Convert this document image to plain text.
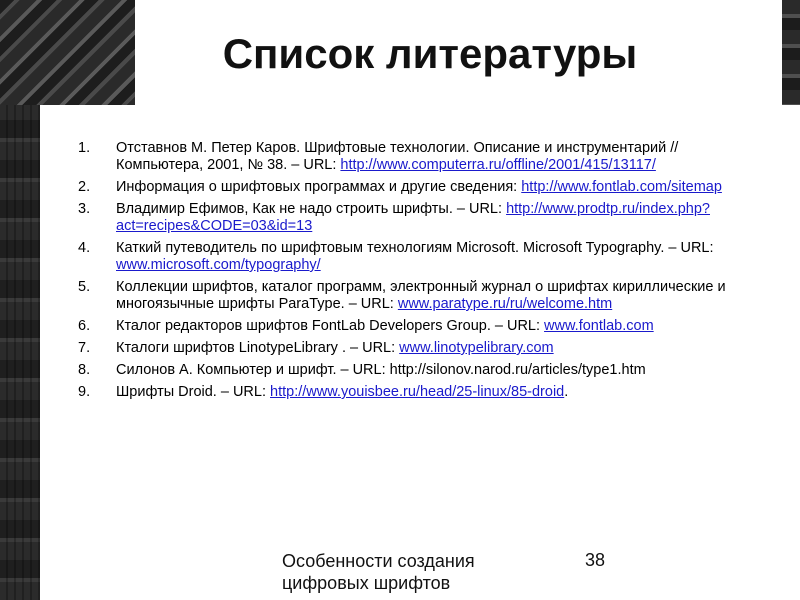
Список литературы
1. Отставнов М. Петер Каров. Шрифтовые технологии. Описание и инструментарий // Компьютера, 2001, № 38. – URL: http://www.computerra.ru/offline/2001/415/13117/
2. Информация о шрифтовых программах и другие сведения: http://www.fontlab.com/sitemap
3. Владимир Ефимов, Как не надо строить шрифты. – URL: http://www.prodtp.ru/index.php?act=recipes&CODE=03&id=13
4. Каткий путеводитель по шрифтовым технологиям Microsoft. Microsoft Typography. – URL: www.microsoft.com/typography/
5. Коллекции шрифтов, каталог программ, электронный журнал о шрифтах кириллические и многоязычные шрифты ParaType. – URL: www.paratype.ru/ru/welcome.htm
6. Кталог редакторов шрифтов FontLab Developers Group. – URL: www.fontlab.com
7. Кталоги шрифтов LinotypeLibrary . – URL: www.linotypelibrary.com
8. Силонов А. Компьютер и шрифт. – URL: http://silonov.narod.ru/articles/type1.htm
9. Шрифты Droid. – URL: http://www.youisbee.ru/head/25-linux/85-droid.
Особенности создания цифровых шрифтов
38
